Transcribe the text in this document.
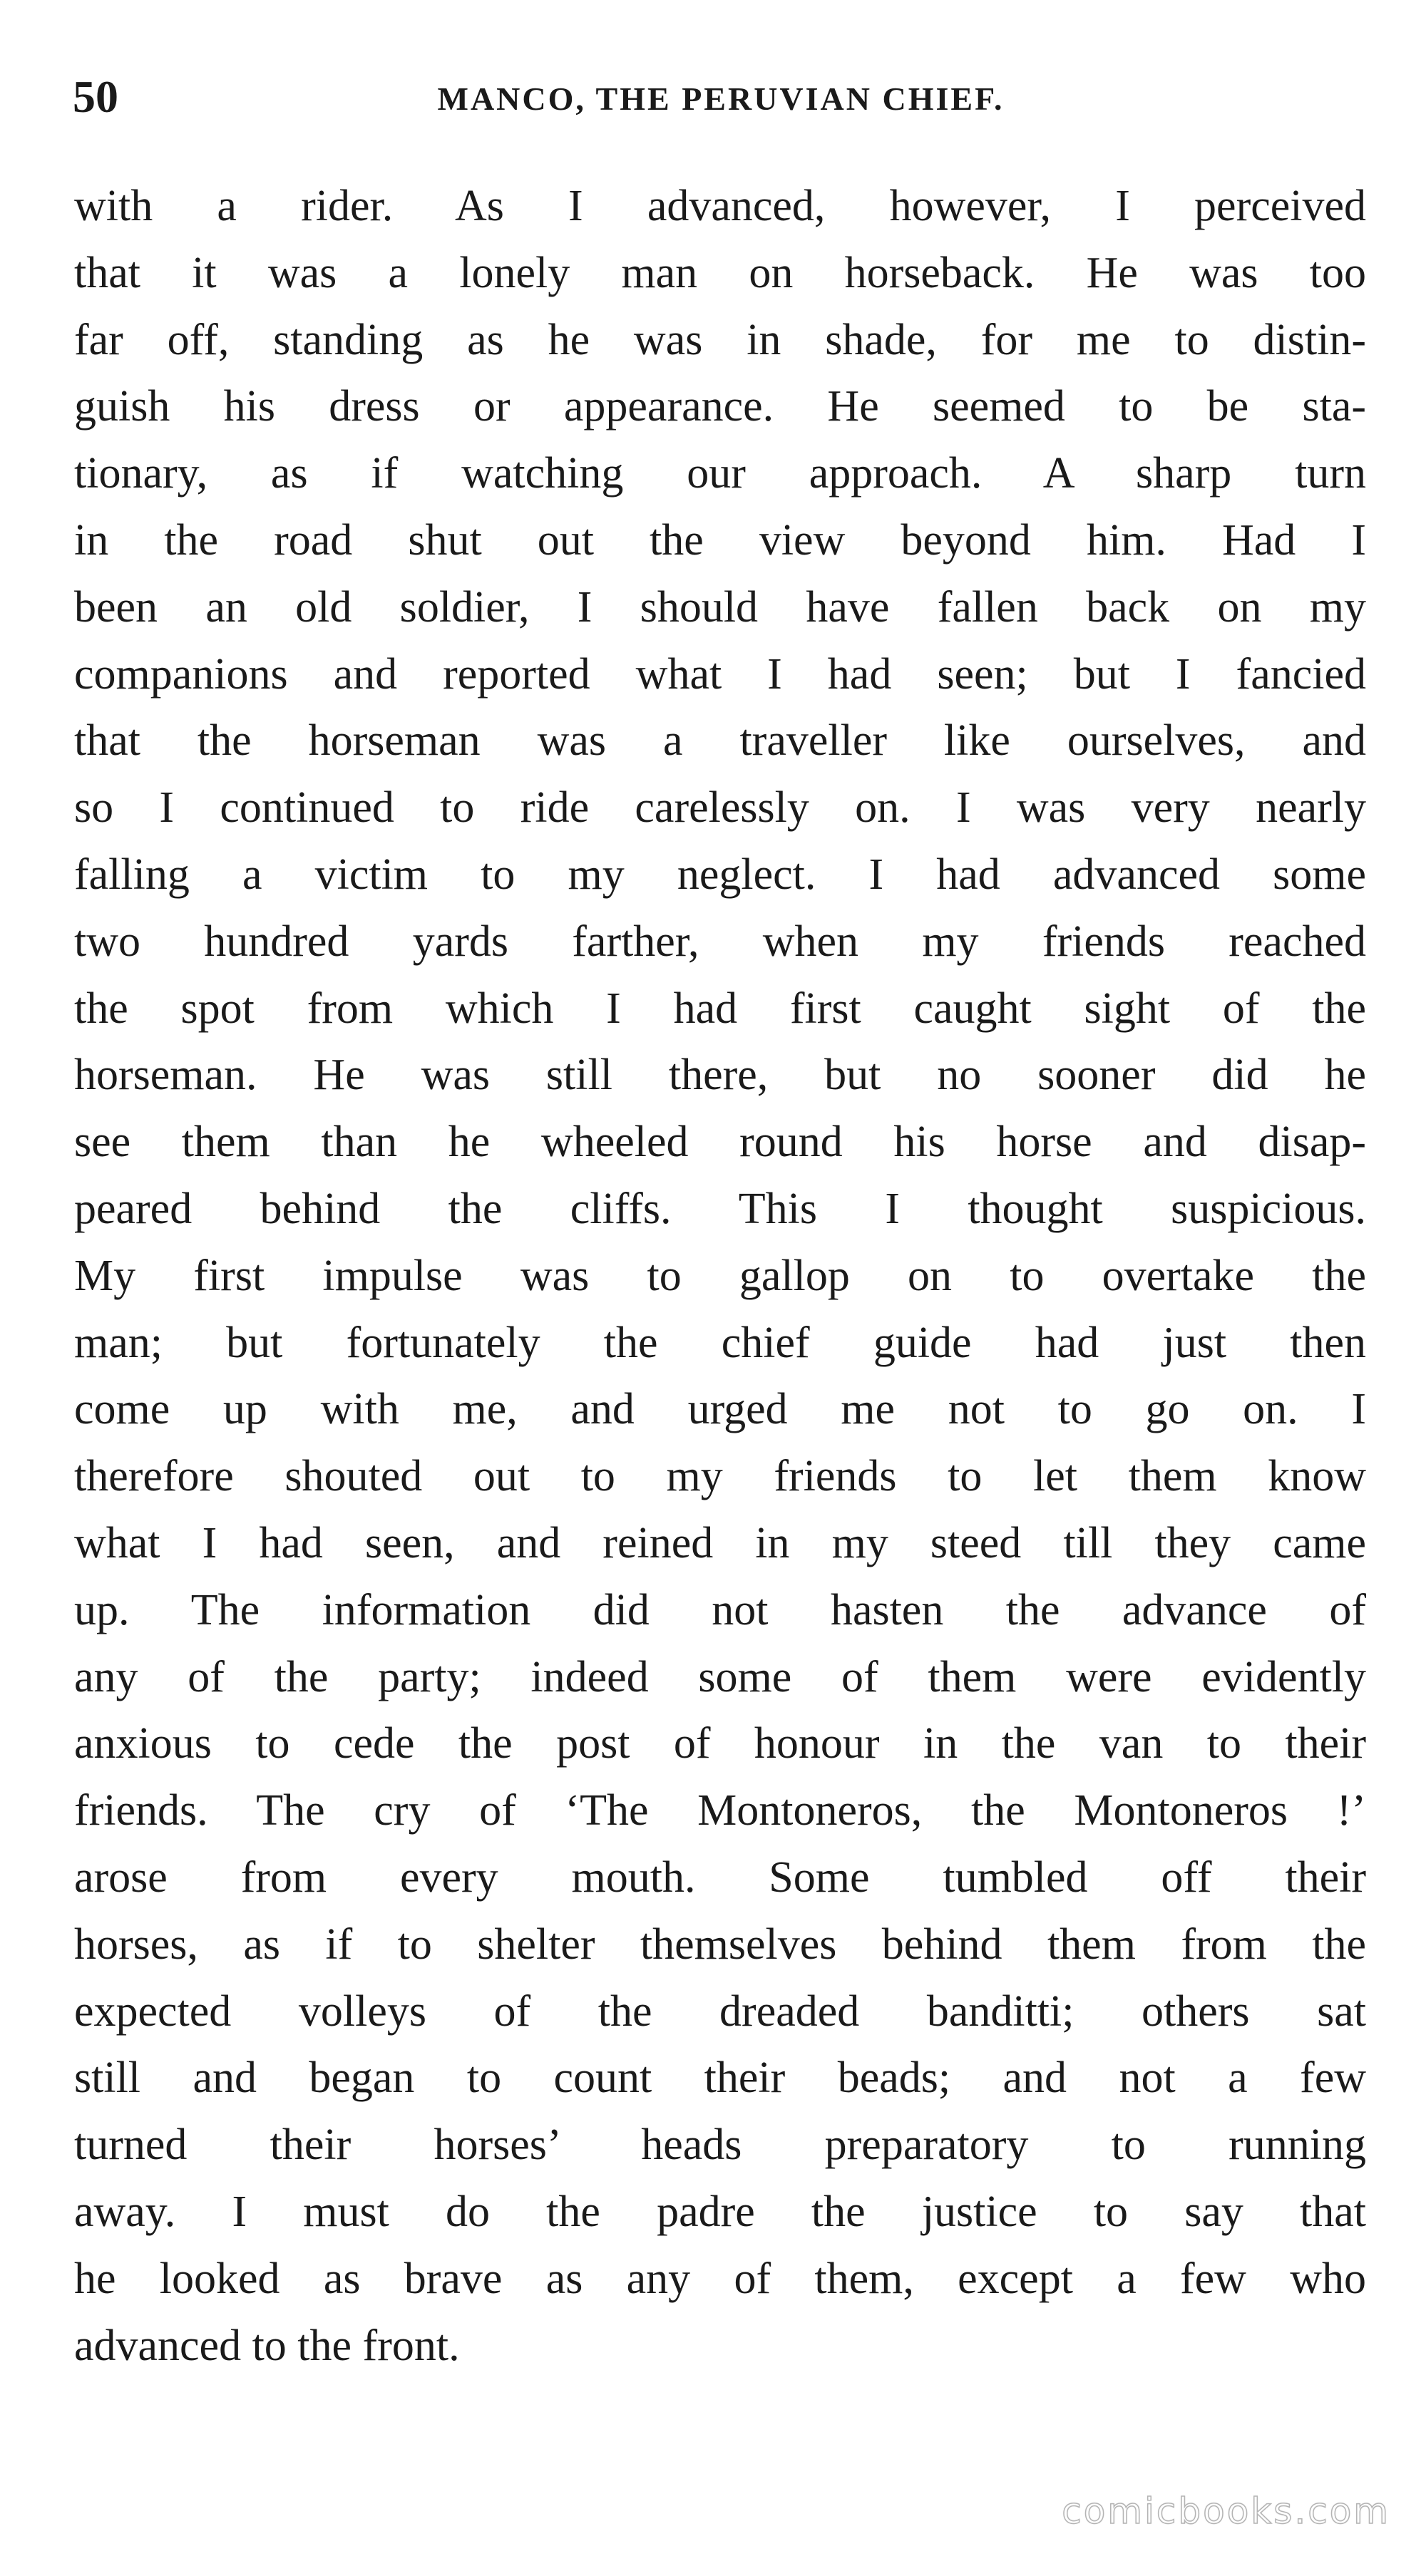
50	MANCO, THE PERUVIAN CHIEF.
with a rider. As I advanced, however, I perceived
that it was a lonely man on horseback. He was too
far off, standing as he was in shade, for me to distin-
guish his dress or appearance. He seemed to be sta-
tionary, as if watching our approach. A sharp turn
in the road shut out the view beyond him. Had I
been an old soldier, I should have fallen back on my
companions and reported what I had seen; but I fancied
that the horseman was a traveller like ourselves, and
so I continued to ride carelessly on. I was very nearly
falling a victim to my neglect. I had advanced some
two hundred yards farther, when my friends reached
the spot from which I had first caught sight of the
horseman. He was still there, but no sooner did he
see them than he wheeled round his horse and disap-
peared behind the cliffs. This I thought suspicious.
My first impulse was to gallop on to overtake the
man; but fortunately the chief guide had just then
come up with me, and urged me not to go on. I
therefore shouted out to my friends to let them know
what I had seen, and reined in my steed till they came
up. The information did not hasten the advance of
any of the party; indeed some of them were evidently
anxious to cede the post of honour in the van to their
friends. The cry of ‘The Montoneros, the Montoneros !’
arose from every mouth. Some tumbled off their
horses, as if to shelter themselves behind them from the
expected volleys of the dreaded banditti; others sat
still and began to count their beads; and not a few
turned their horses’ heads preparatory to running
away. I must do the padre the justice to say that
he looked as brave as any of them, except a few who
advanced to the front.
comicbooks.com
